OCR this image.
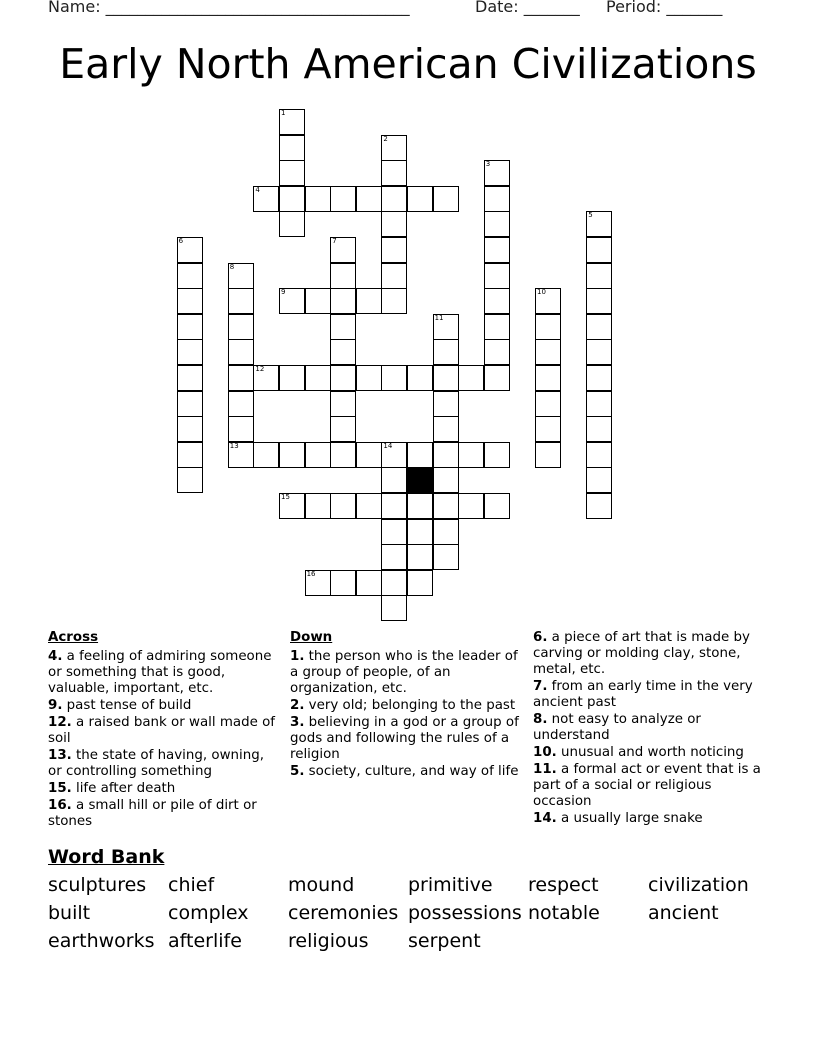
Name: ______________________________________	Date: _______ Period: _______
Early North American Civilizations
1
2
3
4
5
6	7
8
9	10
11
12
13	14
15
16
Across
4. a feeling of admiring someone or something that is good, valuable, important, etc.
9. past tense of build
12. a raised bank or wall made of soil
13. the state of having, owning, or controlling something
15. life after death
16. a small hill or pile of dirt or stones
Down
1. the person who is the leader of a group of people, of an organization, etc.
2. very old; belonging to the past
3. believing in a god or a group of gods and following the rules of a religion
5. society, culture, and way of life
6. a piece of art that is made by carving or molding clay, stone, metal, etc.
7. from an early time in the very ancient past
8. not easy to analyze or understand
10. unusual and worth noticing
11. a formal act or event that is a part of a social or religious occasion
14. a usually large snake
Word Bank
sculptures chief	mound	primitive respect	civilization
built	complex ceremonies possessions notable	ancient
earthworks afterlife religious serpent
